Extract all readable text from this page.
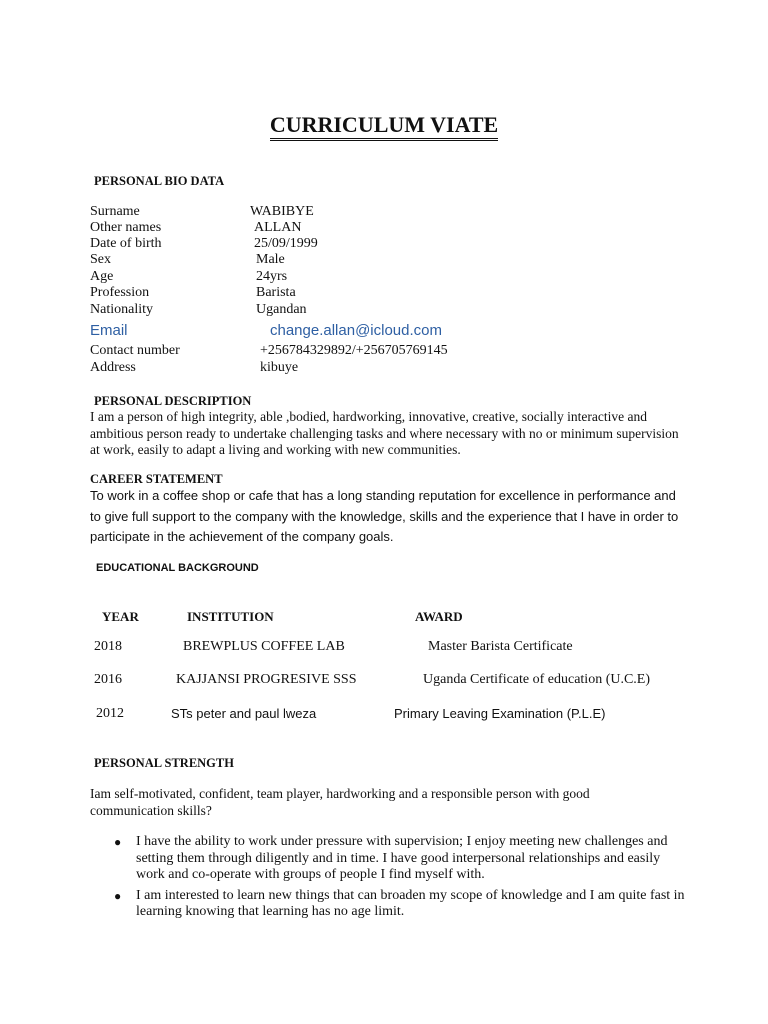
CURRICULUM VIATE
PERSONAL BIO DATA
Surname	WABIBYE
Other names	ALLAN
Date of birth	25/09/1999
Sex	Male
Age	24yrs
Profession	Barista
Nationality	Ugandan
Email	change.allan@icloud.com
Contact number	+256784329892/+256705769145
Address	kibuye
PERSONAL DESCRIPTION
I am a person of high integrity, able ,bodied, hardworking, innovative, creative, socially interactive and ambitious person ready to undertake challenging tasks and where necessary with no or minimum supervision at work, easily to adapt a living and working with new communities.
CAREER STATEMENT
To work in a coffee shop or cafe that has a long standing reputation for excellence in performance and to give full support to the company with the knowledge, skills and the experience that I have in order to participate in the achievement of the company goals.
EDUCATIONAL BACKGROUND
YEAR	INSTITUTION	AWARD
2018	BREWPLUS COFFEE LAB	Master Barista Certificate
2016	KAJJANSI PROGRESIVE SSS	Uganda Certificate of education (U.C.E)
2012	STs peter and paul lweza	Primary Leaving Examination (P.L.E)
PERSONAL STRENGTH
Iam self-motivated, confident, team player, hardworking and a responsible person with good communication skills?
● I have the ability to work under pressure with supervision; I enjoy meeting new challenges and setting them through diligently and in time. I have good interpersonal relationships and easily work and co-operate with groups of people I find myself with.
● I am interested to learn new things that can broaden my scope of knowledge and I am quite fast in learning knowing that learning has no age limit.
